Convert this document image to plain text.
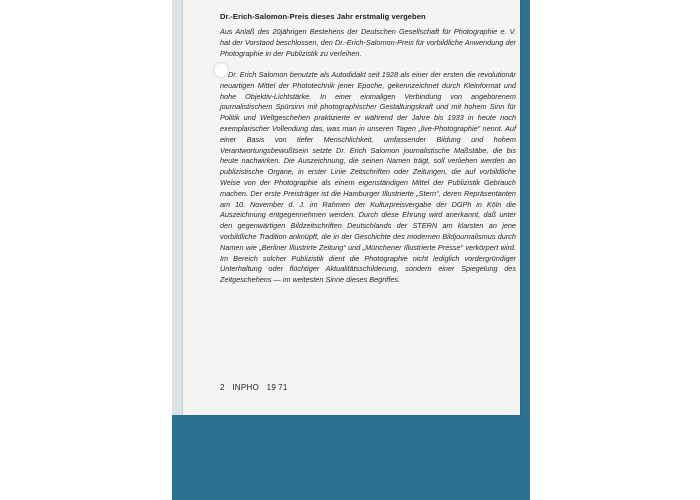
Dr.-Erich-Salomon-Preis dieses Jahr erstmalig vergeben
Aus Anlaß des 20jährigen Bestehens der Deutschen Gesellschaft für Photographie e. V. hat der Vorstand beschlossen, den Dr.-Erich-Salomon-Preis für vorbildliche Anwendung der Photographie in der Publizistik zu verleihen.
Dr. Erich Salomon benutzte als Autodidakt seit 1928 als einer der ersten die revolutionär neuartigen Mittel der Phototechnik jener Epoche, gekennzeichnet durch Kleinformat und hohe Objektiv-Lichtstärke. In einer einmaligen Verbindung von angeborenem journalistischem Spürsinn mit photographischer Gestaltungskraft und mit hohem Sinn für Politik und Weltgeschehen praktizierte er während der Jahre bis 1933 in heute noch exemplarischer Vollendung das, was man in unseren Tagen „live-Photographie“ nennt. Auf einer Basis von tiefer Menschlichkeit, umfassender Bildung und hohem Verantwortungsbewußtsein setzte Dr. Erich Salomon journalistische Maßstäbe, die bis heute nachwirken. Die Auszeichnung, die seinen Namen trägt, soll verliehen werden an publizistische Organe, in erster Linie Zeitschriften oder Zeitungen, die auf vorbildliche Weise von der Photographie als einem eigenständigen Mittel der Publizistik Gebrauch machen. Der erste Preisträger ist die Hamburger Illustrierte „Stern“, deren Repräsentanten am 10. November d. J. im Rahmen der Kulturpreisvergabe der DGPh in Köln die Auszeichnung entgegennehmen werden. Durch diese Ehrung wird anerkannt, daß unter den gegenwärtigen Bildzeitschriften Deutschlands der STERN am klarsten an jene vorbildliche Tradition anknüpft, die in der Geschichte des modernen Bildjournalismus durch Namen wie „Berliner Illustrirte Zeitung“ und „Münchener Illustrierte Presse“ verkörpert wird. Im Bereich solcher Publizistik dient die Photographie nicht lediglich vordergründiger Unterhaltung oder flüchtiger Aktualitätsschilderung, sondern einer Spiegelung des Zeitgeschehens — im weitesten Sinne dieses Begriffes.
2 INPHO 19 71
